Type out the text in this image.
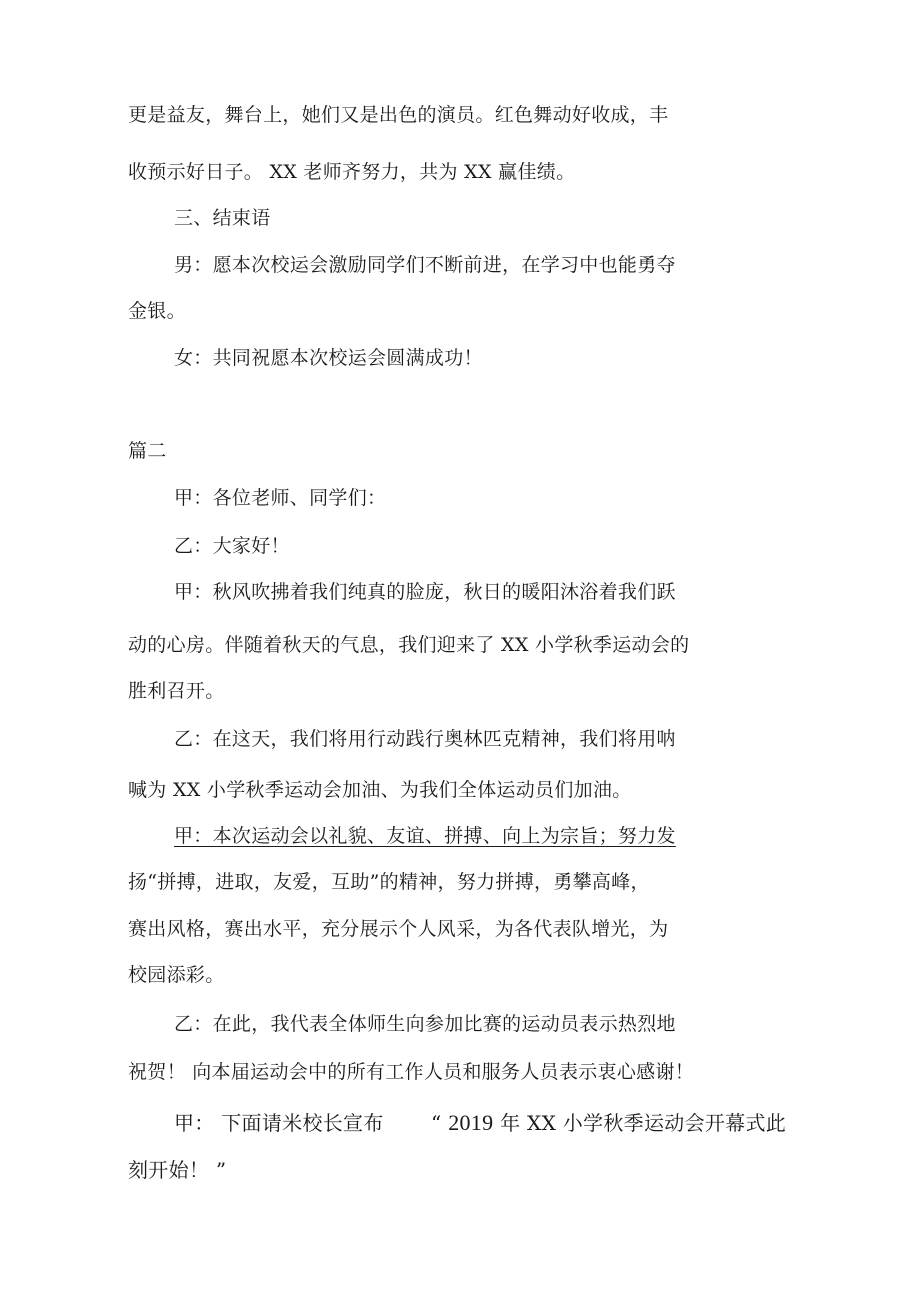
更是益友，舞台上，她们又是出色的演员。红色舞动好收成，丰
收预示好日子。 XX 老师齐努力，共为 XX 赢佳绩。
三、结束语
男：愿本次校运会激励同学们不断前进，在学习中也能勇夺
金银。
女：共同祝愿本次校运会圆满成功！
篇二
甲：各位老师、同学们：
乙：大家好！
甲：秋风吹拂着我们纯真的脸庞，秋日的暖阳沐浴着我们跃
动的心房。伴随着秋天的气息，我们迎来了 XX 小学秋季运动会的
胜利召开。
乙：在这天，我们将用行动践行奥林匹克精神，我们将用呐
喊为 XX 小学秋季运动会加油、为我们全体运动员们加油。
甲：本次运动会以礼貌、友谊、拼搏、向上为宗旨；努力发
扬“拼搏，进取，友爱，互助”的精神，努力拼搏，勇攀高峰，
赛出风格，赛出水平，充分展示个人风采，为各代表队增光，为
校园添彩。
乙：在此，我代表全体师生向参加比赛的运动员表示热烈地
祝贺！ 向本届运动会中的所有工作人员和服务人员表示衷心感谢！
甲： 下面请米校长宣布 “ 2019 年 XX 小学秋季运动会开幕式此
刻开始！ ”
